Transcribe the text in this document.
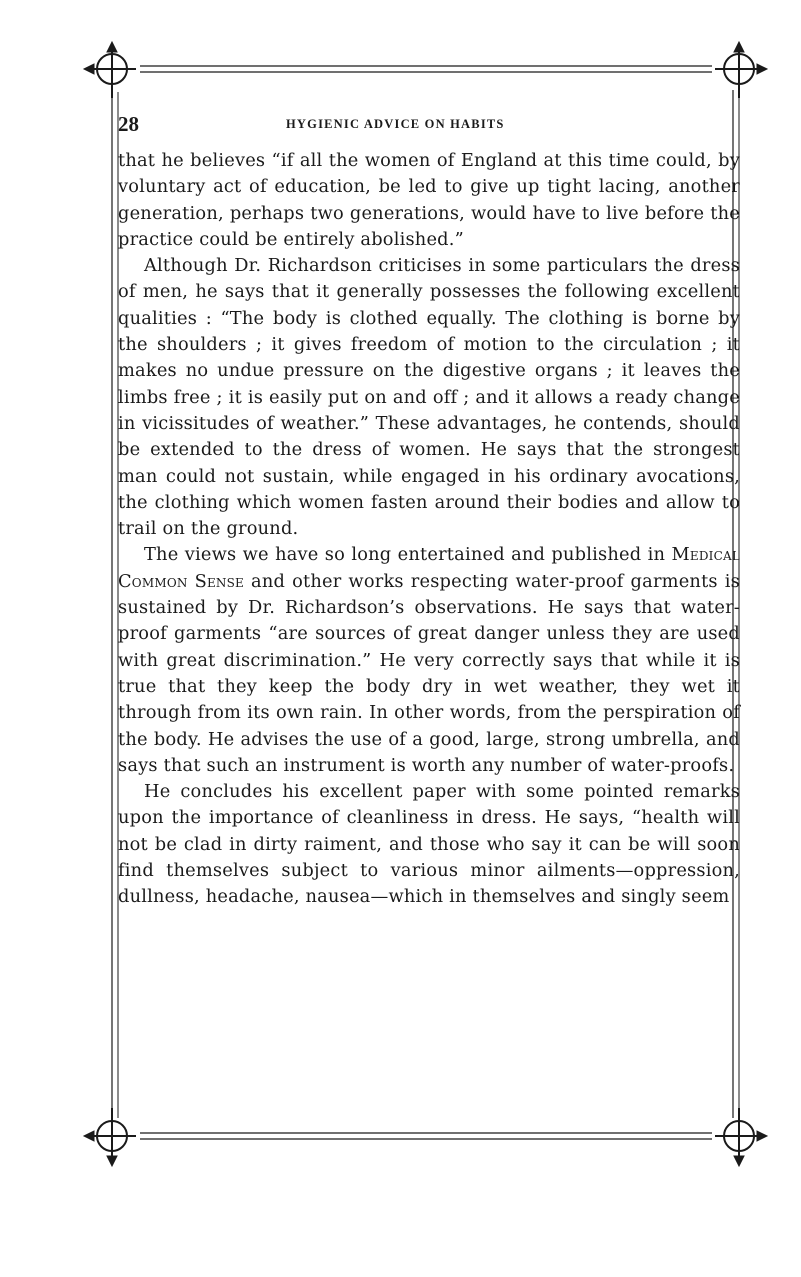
28	HYGIENIC ADVICE ON HABITS

that he believes “if all the women of England at this time could, by voluntary act of education, be led to give up tight lacing, another generation, perhaps two generations, would have to live before the practice could be entirely abolished.”

Although Dr. Richardson criticises in some particulars the dress of men, he says that it generally possesses the following excellent qualities : “The body is clothed equally. The clothing is borne by the shoulders ; it gives freedom of motion to the circulation ; it makes no undue pressure on the digestive organs ; it leaves the limbs free ; it is easily put on and off ; and it allows a ready change in vicissitudes of weather.” These advantages, he contends, should be extended to the dress of women. He says that the strongest man could not sustain, while engaged in his ordinary avocations, the clothing which women fasten around their bodies and allow to trail on the ground.

The views we have so long entertained and published in Medical Common Sense and other works respecting water-proof garments is sustained by Dr. Richardson’s observations. He says that water-proof garments “are sources of great danger unless they are used with great discrimination.” He very correctly says that while it is true that they keep the body dry in wet weather, they wet it through from its own rain. In other words, from the perspiration of the body. He advises the use of a good, large, strong umbrella, and says that such an instrument is worth any number of water-proofs.

He concludes his excellent paper with some pointed remarks upon the importance of cleanliness in dress. He says, “health will not be clad in dirty raiment, and those who say it can be will soon find themselves subject to various minor ailments—oppression, dullness, headache, nausea—which in themselves and singly seem
